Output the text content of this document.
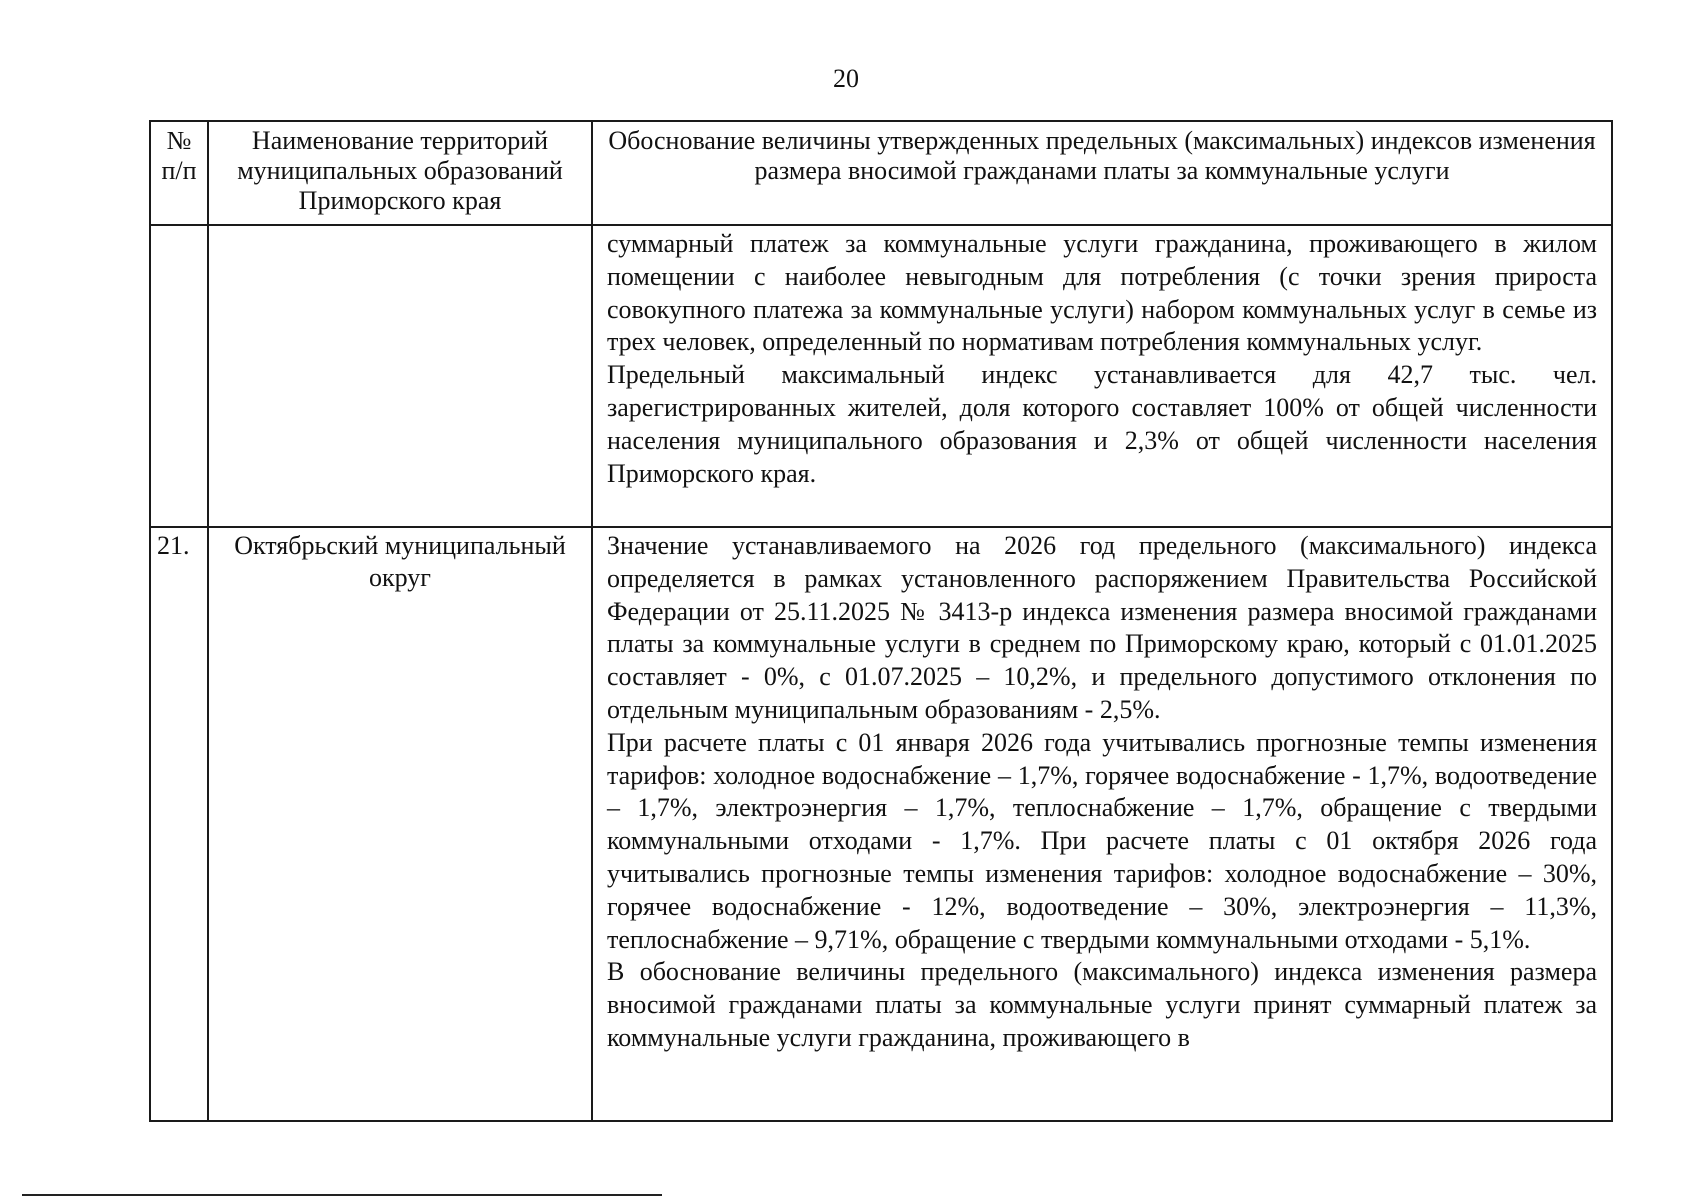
20
№ п/п	Наименование территорий муниципальных образований Приморского края	Обоснование величины утвержденных предельных (максимальных) индексов изменения размера вносимой гражданами платы за коммунальные услуги

		суммарный платеж за коммунальные услуги гражданина, проживающего в жилом помещении с наиболее невыгодным для потребления (с точки зрения прироста совокупного платежа за коммунальные услуги) набором коммунальных услуг в семье из трех человек, определенный по нормативам потребления коммунальных услуг.

Предельный максимальный индекс устанавливается для 42,7 тыс. чел. зарегистрированных жителей, доля которого составляет 100% от общей численности населения муниципального образования и 2,3% от общей численности населения Приморского края.

21.	Октябрьский муниципальный округ	Значение устанавливаемого на 2026 год предельного (максимального) индекса определяется в рамках установленного распоряжением Правительства Российской Федерации от 25.11.2025 № 3413-р индекса изменения размера вносимой гражданами платы за коммунальные услуги в среднем по Приморскому краю, который с 01.01.2025 составляет - 0%, с 01.07.2025 – 10,2%, и предельного допустимого отклонения по отдельным муниципальным образованиям - 2,5%.

При расчете платы с 01 января 2026 года учитывались прогнозные темпы изменения тарифов: холодное водоснабжение – 1,7%, горячее водоснабжение - 1,7%, водоотведение – 1,7%, электроэнергия – 1,7%, теплоснабжение – 1,7%, обращение с твердыми коммунальными отходами - 1,7%. При расчете платы с 01 октября 2026 года учитывались прогнозные темпы изменения тарифов: холодное водоснабжение – 30%, горячее водоснабжение - 12%, водоотведение – 30%, электроэнергия – 11,3%, теплоснабжение – 9,71%, обращение с твердыми коммунальными отходами - 5,1%.

В обоснование величины предельного (максимального) индекса изменения размера вносимой гражданами платы за коммунальные услуги принят суммарный платеж за коммунальные услуги гражданина, проживающего в
